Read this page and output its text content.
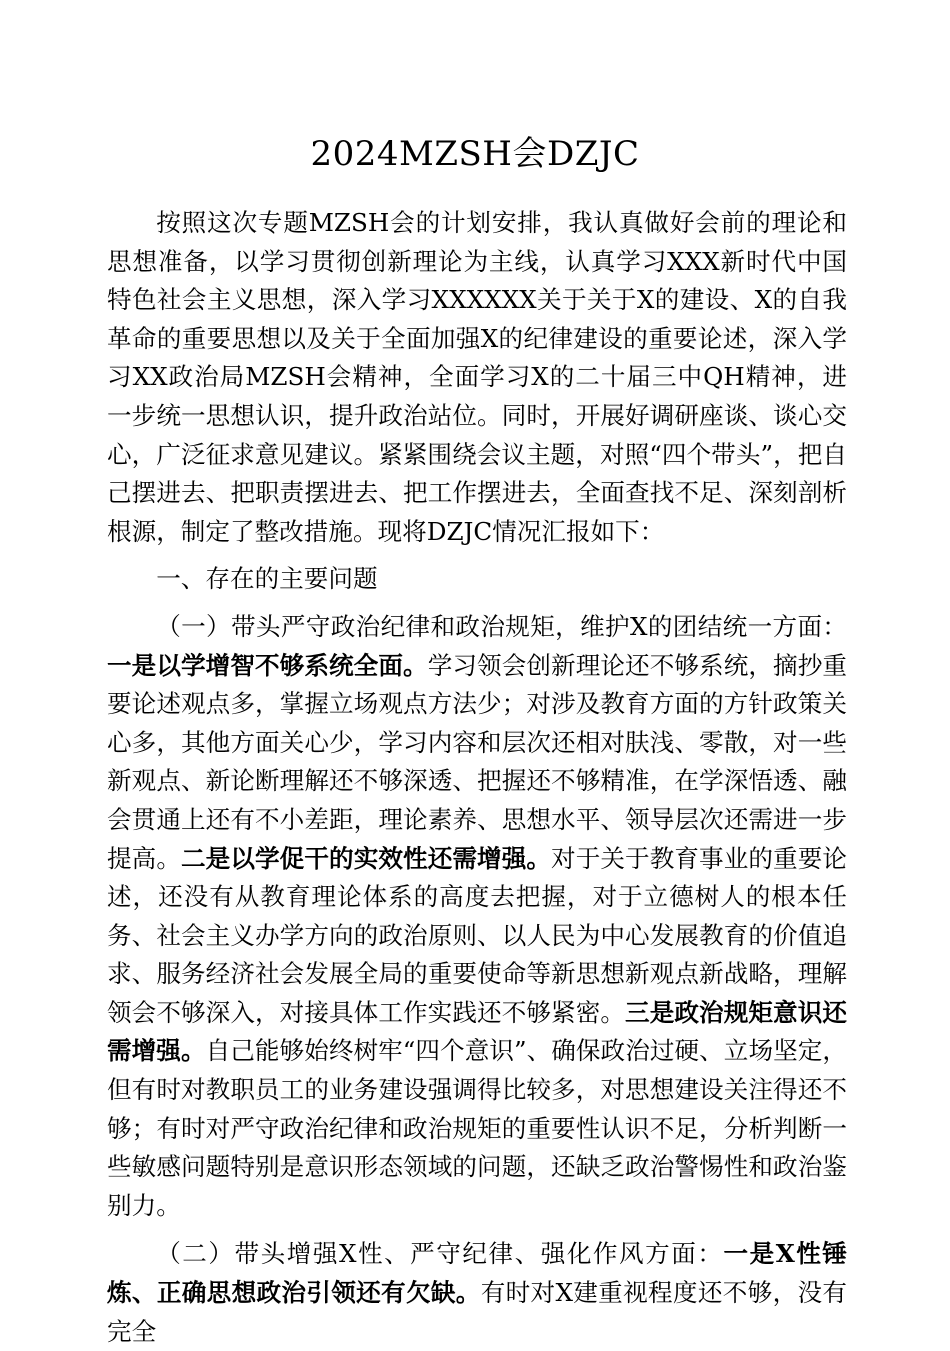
2024MZSH会DZJC

按照这次专题MZSH会的计划安排，我认真做好会前的理论和思想准备，以学习贯彻创新理论为主线，认真学习XXX新时代中国特色社会主义思想，深入学习XXXXXX关于关于X的建设、X的自我革命的重要思想以及关于全面加强X的纪律建设的重要论述，深入学习XX政治局MZSH会精神，全面学习X的二十届三中QH精神，进一步统一思想认识，提升政治站位。同时，开展好调研座谈、谈心交心，广泛征求意见建议。紧紧围绕会议主题，对照“四个带头”，把自己摆进去、把职责摆进去、把工作摆进去，全面查找不足、深刻剖析根源，制定了整改措施。现将DZJC情况汇报如下：

一、存在的主要问题

（一）带头严守政治纪律和政治规矩，维护X的团结统一方面：一是以学增智不够系统全面。学习领会创新理论还不够系统，摘抄重要论述观点多，掌握立场观点方法少；对涉及教育方面的方针政策关心多，其他方面关心少，学习内容和层次还相对肤浅、零散，对一些新观点、新论断理解还不够深透、把握还不够精准，在学深悟透、融会贯通上还有不小差距，理论素养、思想水平、领导层次还需进一步提高。二是以学促干的实效性还需增强。对于关于教育事业的重要论述，还没有从教育理论体系的高度去把握，对于立德树人的根本任务、社会主义办学方向的政治原则、以人民为中心发展教育的价值追求、服务经济社会发展全局的重要使命等新思想新观点新战略，理解领会不够深入，对接具体工作实践还不够紧密。三是政治规矩意识还需增强。自己能够始终树牢“四个意识”、确保政治过硬、立场坚定，但有时对教职员工的业务建设强调得比较多，对思想建设关注得还不够；有时对严守政治纪律和政治规矩的重要性认识不足，分析判断一些敏感问题特别是意识形态领域的问题，还缺乏政治警惕性和政治鉴别力。

（二）带头增强X性、严守纪律、强化作风方面：一是X性锤炼、正确思想政治引领还有欠缺。有时对X建重视程度还不够，没有完全
